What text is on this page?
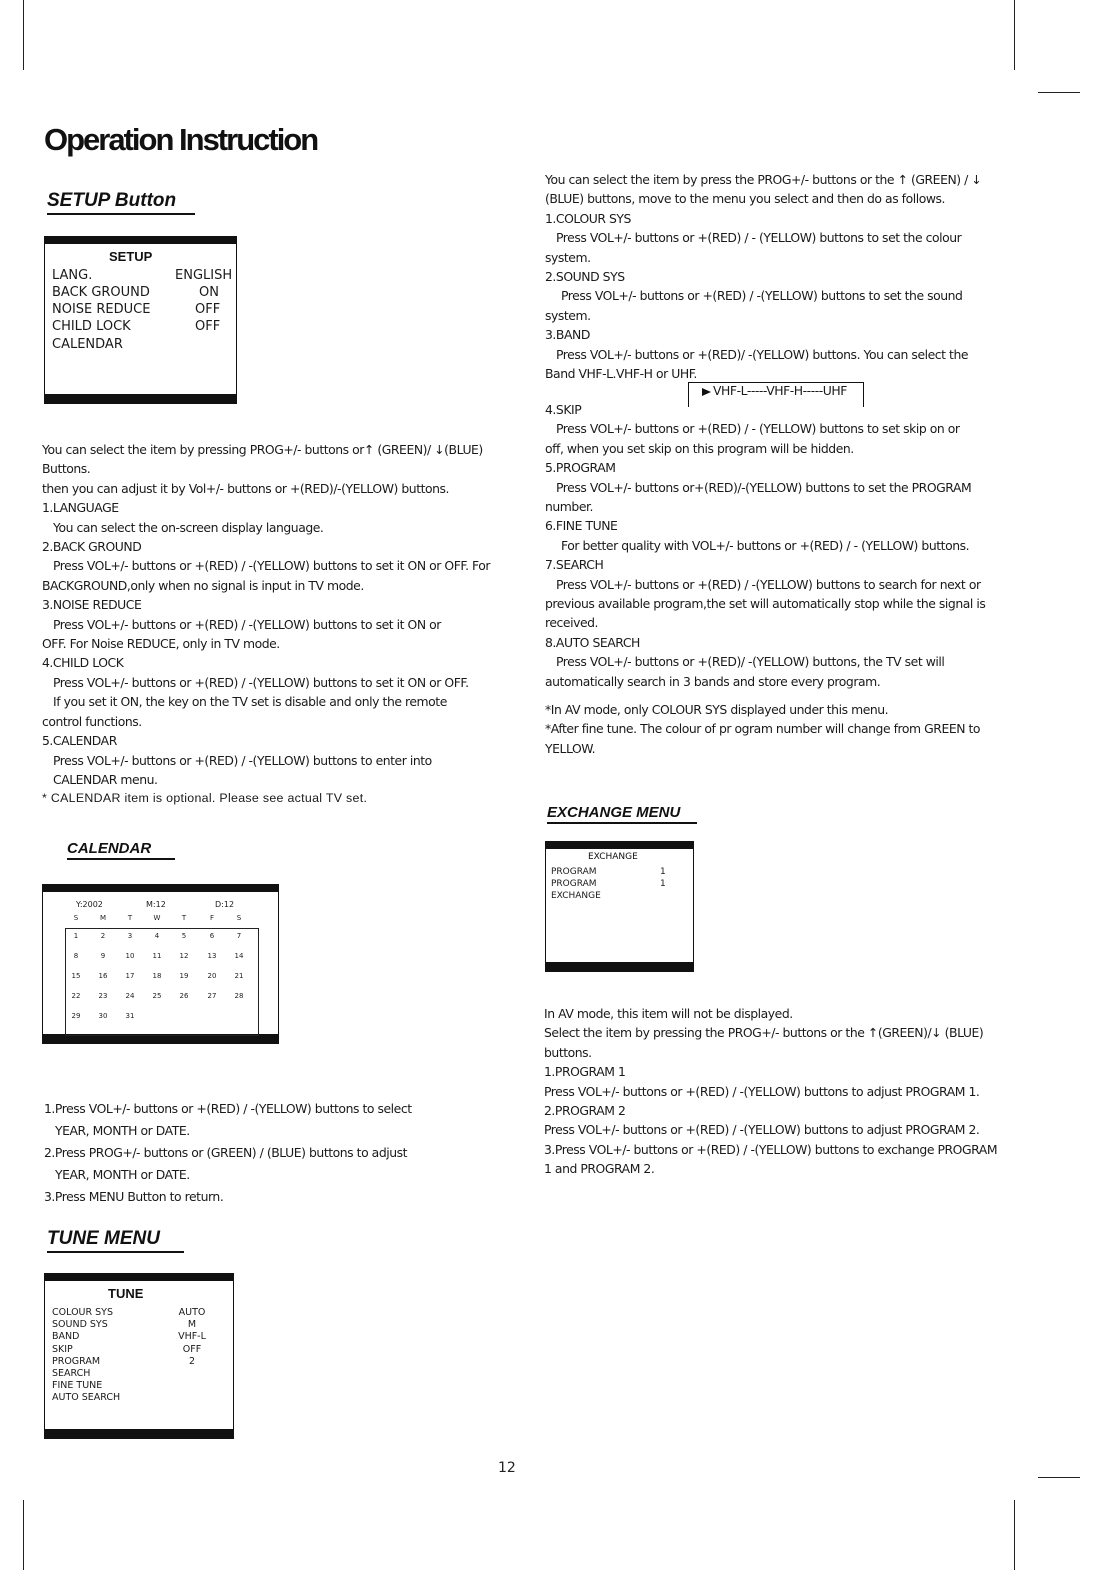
Operation Instruction
SETUP Button
SETUP
LANG.	ENGLISH
BACK GROUND	ON
NOISE REDUCE	OFF
CHILD LOCK	OFF
CALENDAR
You can select the item by pressing PROG+/- buttons or↑ (GREEN)/ ↓(BLUE)
Buttons.
then you can adjust it by Vol+/- buttons or +(RED)/-(YELLOW) buttons.
1.LANGUAGE
You can select the on-screen display language.
2.BACK GROUND
Press VOL+/- buttons or +(RED) / -(YELLOW) buttons to set it ON or OFF. For
BACKGROUND,only when no signal is input in TV mode.
3.NOISE REDUCE
Press VOL+/- buttons or +(RED) / -(YELLOW) buttons to set it ON or
OFF. For Noise REDUCE, only in TV mode.
4.CHILD LOCK
Press VOL+/- buttons or +(RED) / -(YELLOW) buttons to set it ON or OFF.
If you set it ON, the key on the TV set is disable and only the remote
control functions.
5.CALENDAR
Press VOL+/- buttons or +(RED) / -(YELLOW) buttons to enter into
CALENDAR menu.
* CALENDAR item is optional. Please see actual TV set.
CALENDAR
Y:2002	M:12	D:12
S	M	T	W	T	F	S
1	2	3	4	5	6	7
8	9	10	11	12	13	14
15	16	17	18	19	20	21
22	23	24	25	26	27	28
29	30	31
1.Press VOL+/- buttons or +(RED) / -(YELLOW) buttons to select
YEAR, MONTH or DATE.
2.Press PROG+/- buttons or (GREEN) / (BLUE) buttons to adjust
YEAR, MONTH or DATE.
3.Press MENU Button to return.
TUNE MENU
TUNE
COLOUR SYS	AUTO
SOUND SYS	M
BAND	VHF-L
SKIP	OFF
PROGRAM	2
SEARCH
FINE TUNE
AUTO SEARCH
You can select the item by press the PROG+/- buttons or the ↑ (GREEN) / ↓
(BLUE) buttons, move to the menu you select and then do as follows.
1.COLOUR SYS
Press VOL+/- buttons or +(RED) / - (YELLOW) buttons to set the colour
system.
2.SOUND SYS
Press VOL+/- buttons or +(RED) / -(YELLOW) buttons to set the sound
system.
3.BAND
Press VOL+/- buttons or +(RED)/ -(YELLOW) buttons. You can select the
Band VHF-L.VHF-H or UHF.
VHF-L-----VHF-H-----UHF
4.SKIP
Press VOL+/- buttons or +(RED) / - (YELLOW) buttons to set skip on or
off, when you set skip on this program will be hidden.
5.PROGRAM
Press VOL+/- buttons or+(RED)/-(YELLOW) buttons to set the PROGRAM
number.
6.FINE TUNE
For better quality with VOL+/- buttons or +(RED) / - (YELLOW) buttons.
7.SEARCH
Press VOL+/- buttons or +(RED) / -(YELLOW) buttons to search for next or
previous available program,the set will automatically stop while the signal is
received.
8.AUTO SEARCH
Press VOL+/- buttons or +(RED)/ -(YELLOW) buttons, the TV set will
automatically search in 3 bands and store every program.
*In AV mode, only COLOUR SYS displayed under this menu.
*After fine tune. The colour of pr ogram number will change from GREEN to
YELLOW.
EXCHANGE MENU
EXCHANGE
PROGRAM	1
PROGRAM	1
EXCHANGE
In AV mode, this item will not be displayed.
Select the item by pressing the PROG+/- buttons or the ↑(GREEN)/↓ (BLUE)
buttons.
1.PROGRAM 1
Press VOL+/- buttons or +(RED) / -(YELLOW) buttons to adjust PROGRAM 1.
2.PROGRAM 2
Press VOL+/- buttons or +(RED) / -(YELLOW) buttons to adjust PROGRAM 2.
3.Press VOL+/- buttons or +(RED) / -(YELLOW) buttons to exchange PROGRAM
1 and PROGRAM 2.
12
